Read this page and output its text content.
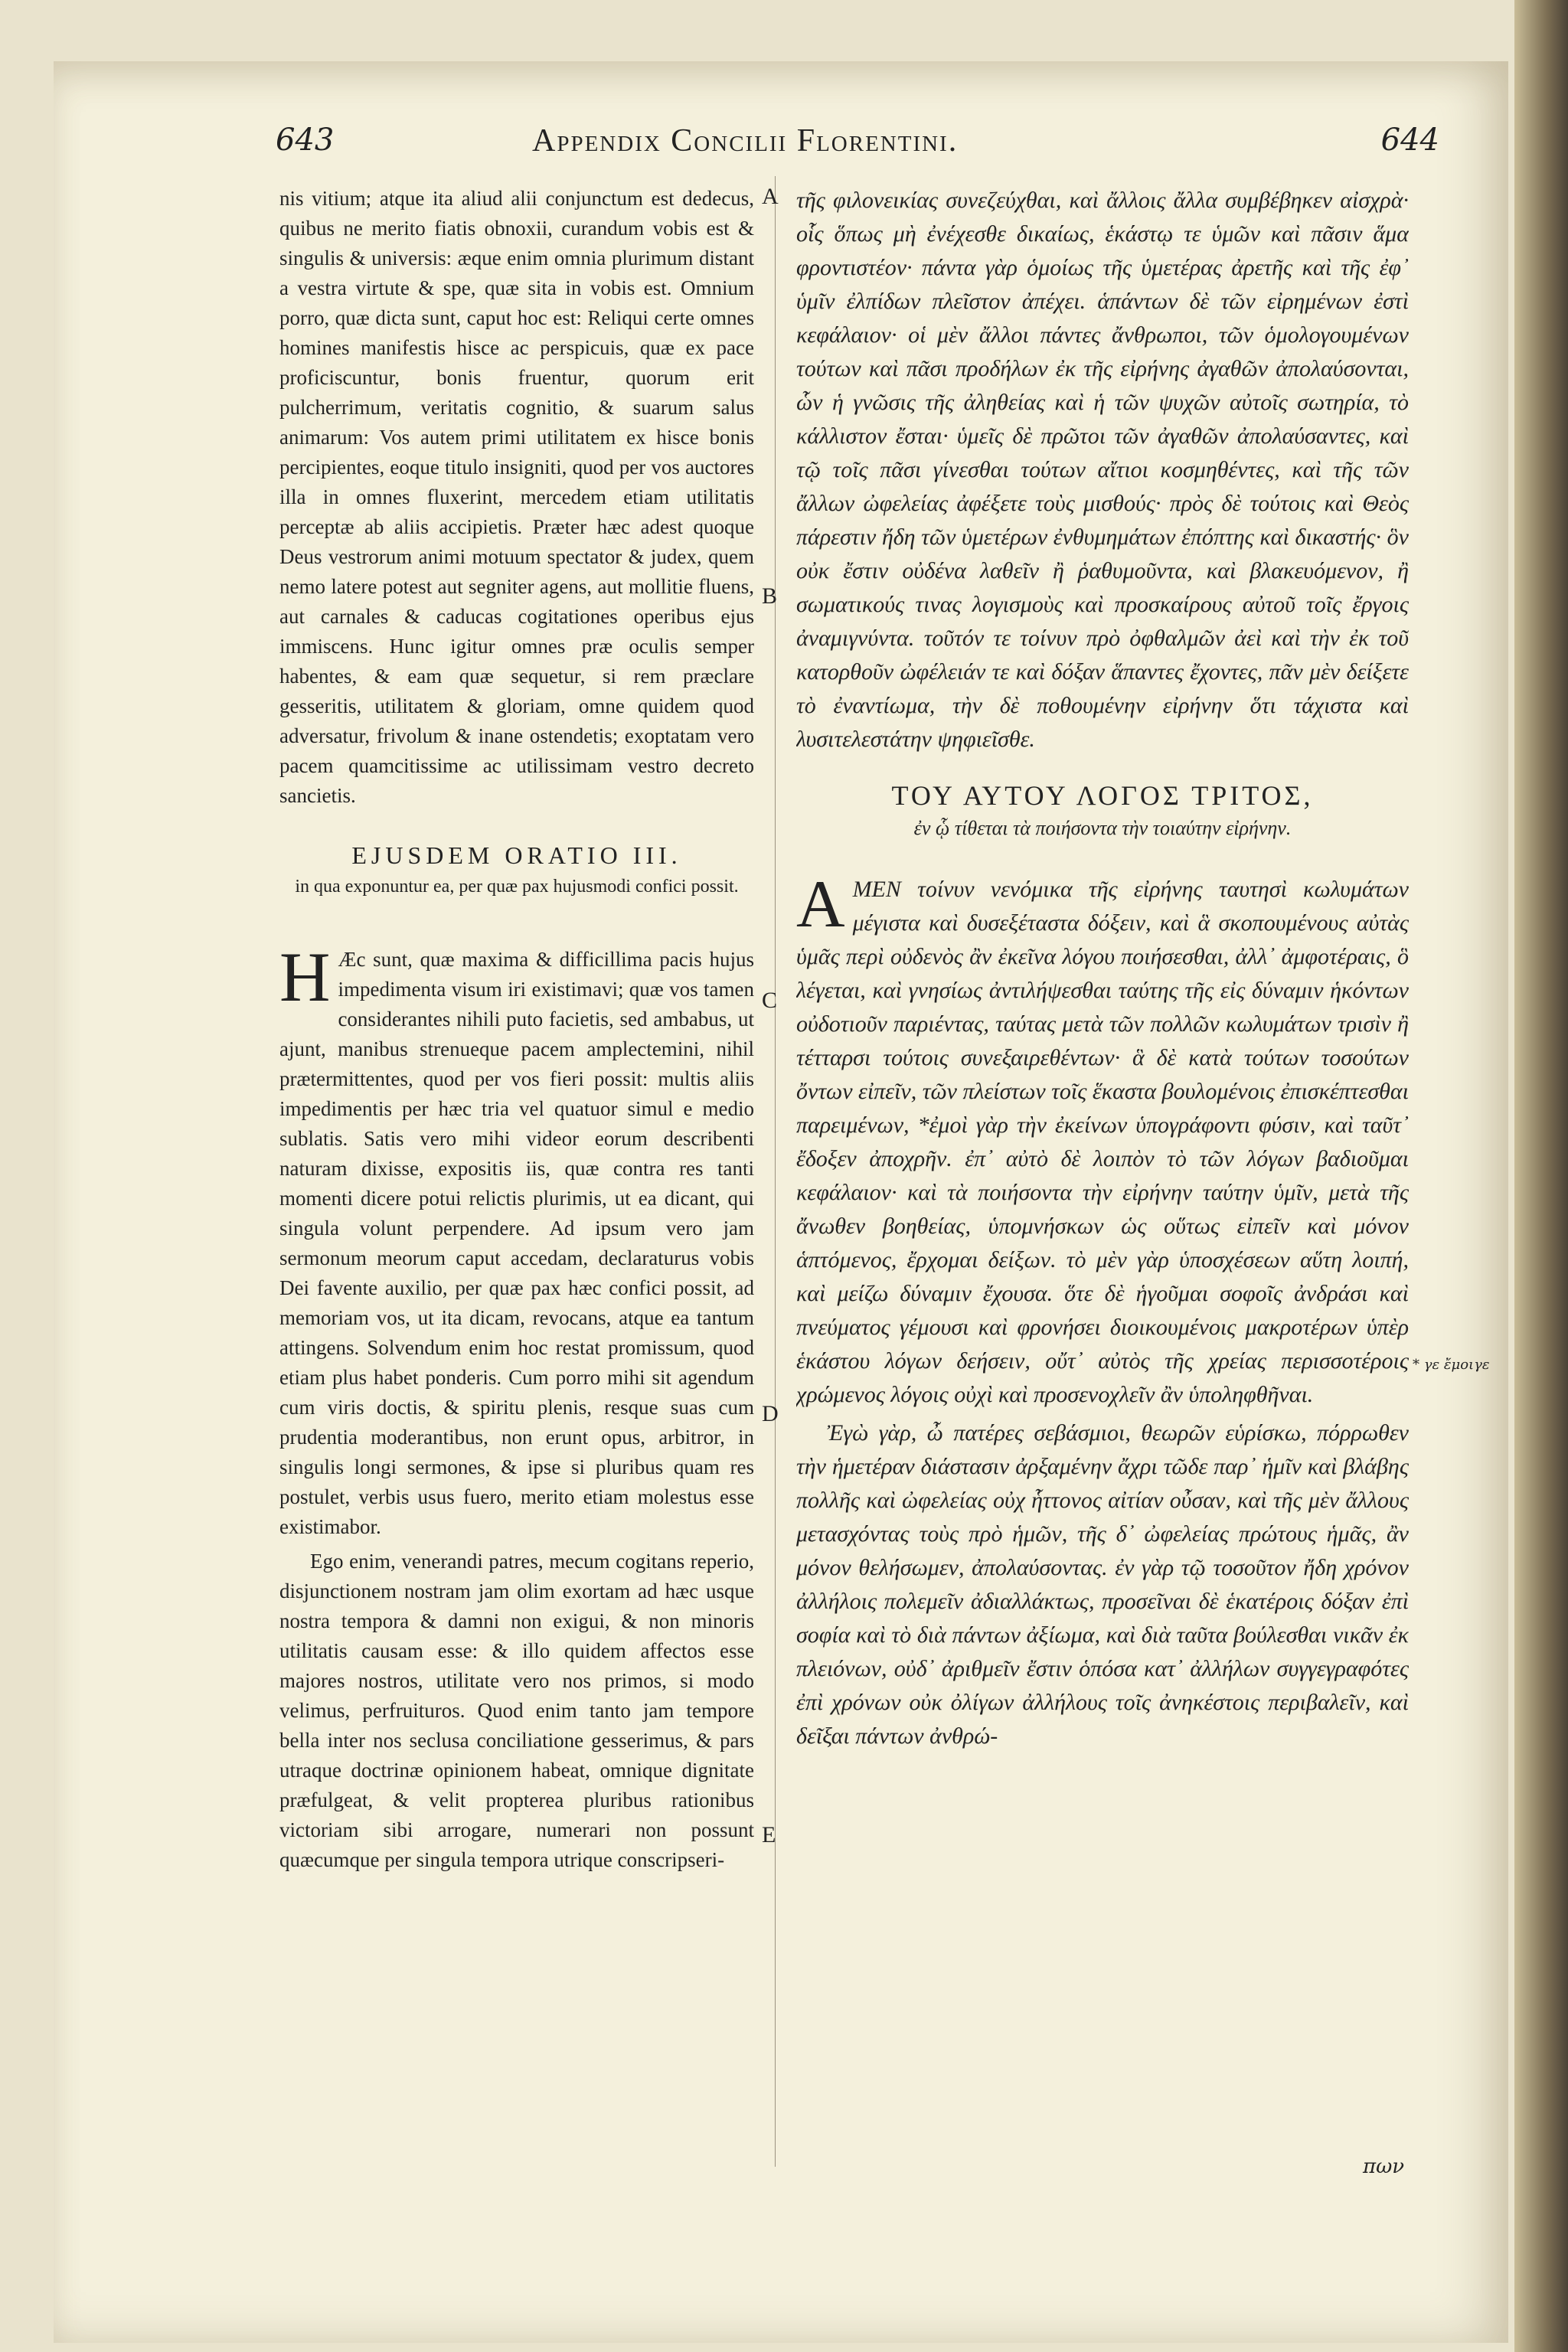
643	Appendix Concilii Florentini.	644
A
B
C
D
E

nis vitium; atque ita aliud alii conjunctum est dedecus, quibus ne merito fiatis obnoxii, curandum vobis est & singulis & universis: æque enim omnia plurimum distant a vestra virtute & spe, quæ sita in vobis est. Omnium porro, quæ dicta sunt, caput hoc est: Reliqui certe omnes homines manifestis hisce ac perspicuis, quæ ex pace proficiscuntur, bonis fruentur, quorum erit pulcherrimum, veritatis cognitio, & suarum salus animarum: Vos autem primi utilitatem ex hisce bonis percipientes, eoque titulo insigniti, quod per vos auctores illa in omnes fluxerint, mercedem etiam utilitatis perceptæ ab aliis accipietis. Præter hæc adest quoque Deus vestrorum animi motuum spectator & judex, quem nemo latere potest aut segniter agens, aut mollitie fluens, aut carnales & caducas cogitationes operibus ejus immiscens. Hunc igitur omnes præ oculis semper habentes, & eam quæ sequetur, si rem præclare gesseritis, utilitatem & gloriam, omne quidem quod adversatur, frivolum & inane ostendetis; exoptatam vero pacem quamcitissime ac utilissimam vestro decreto sancietis.

EJUSDEM ORATIO III.
in qua exponuntur ea, per quæ pax hujusmodi confici possit.

H Æc sunt, quæ maxima & difficillima pacis hujus impedimenta visum iri existimavi; quæ vos tamen considerantes nihili puto facietis, sed ambabus, ut ajunt, manibus strenueque pacem amplectemini, nihil prætermittentes, quod per vos fieri possit: multis aliis impedimentis per hæc tria vel quatuor simul e medio sublatis. Satis vero mihi videor eorum describenti naturam dixisse, expositis iis, quæ contra res tanti momenti dicere potui relictis plurimis, ut ea dicant, qui singula volunt perpendere. Ad ipsum vero jam sermonum meorum caput accedam, declaraturus vobis Dei favente auxilio, per quæ pax hæc confici possit, ad memoriam vos, ut ita dicam, revocans, atque ea tantum attingens. Solvendum enim hoc restat promissum, quod etiam plus habet ponderis. Cum porro mihi sit agendum cum viris doctis, & spiritu plenis, resque suas cum prudentia moderantibus, non erunt opus, arbitror, in singulis longi sermones, & ipse si pluribus quam res postulet, verbis usus fuero, merito etiam molestus esse existimabor.

Ego enim, venerandi patres, mecum cogitans reperio, disjunctionem nostram jam olim exortam ad hæc usque nostra tempora & damni non exigui, & non minoris utilitatis causam esse: & illo quidem affectos esse majores nostros, utilitate vero nos primos, si modo velimus, perfruituros. Quod enim tanto jam tempore bella inter nos seclusa conciliatione gesserimus, & pars utraque doctrinæ opinionem habeat, omnique dignitate præfulgeat, & velit propterea pluribus rationibus victoriam sibi arrogare, numerari non possunt quæcumque per singula tempora utrique conscripseri-

τῆς φιλονεικίας συνεζεύχθαι, καὶ ἄλλοις ἄλλα συμβέβηκεν αἰσχρὰ· οἷς ὅπως μὴ ἐνέχεσθε δικαίως, ἑκάστῳ τε ὑμῶν καὶ πᾶσιν ἅμα φροντιστέον· πάντα γὰρ ὁμοίως τῆς ὑμετέρας ἀρετῆς καὶ τῆς ἐφ᾽ ὑμῖν ἐλπίδων πλεῖστον ἀπέχει. ἁπάντων δὲ τῶν εἰρημένων ἐστὶ κεφάλαιον· οἱ μὲν ἄλλοι πάντες ἄνθρωποι, τῶν ὁμολογουμένων τούτων καὶ πᾶσι προδήλων ἐκ τῆς εἰρήνης ἀγαθῶν ἀπολαύσονται, ὧν ἡ γνῶσις τῆς ἀληθείας καὶ ἡ τῶν ψυχῶν αὐτοῖς σωτηρία, τὸ κάλλιστον ἔσται· ὑμεῖς δὲ πρῶτοι τῶν ἀγαθῶν ἀπολαύσαντες, καὶ τῷ τοῖς πᾶσι γίνεσθαι τούτων αἴτιοι κοσμηθέντες, καὶ τῆς τῶν ἄλλων ὠφελείας ἀφέξετε τοὺς μισθούς· πρὸς δὲ τούτοις καὶ Θεὸς πάρεστιν ἤδη τῶν ὑμετέρων ἐνθυμημάτων ἐπόπτης καὶ δικαστής· ὃν οὐκ ἔστιν οὐδένα λαθεῖν ἢ ῥαθυμοῦντα, καὶ βλακευόμενον, ἢ σωματικούς τινας λογισμοὺς καὶ προσκαίρους αὐτοῦ τοῖς ἔργοις ἀναμιγνύντα. τοῦτόν τε τοίνυν πρὸ ὀφθαλμῶν ἀεὶ καὶ τὴν ἐκ τοῦ κατορθοῦν ὠφέλειάν τε καὶ δόξαν ἅπαντες ἔχοντες, πᾶν μὲν δείξετε τὸ ἐναντίωμα, τὴν δὲ ποθουμένην εἰρήνην ὅτι τάχιστα καὶ λυσιτελεστάτην ψηφιεῖσθε.

ΤΟΥ ΑΥΤΟΥ ΛΟΓΟΣ ΤΡΙΤΟΣ,
ἐν ᾧ τίθεται τὰ ποιήσοντα τὴν τοιαύτην εἰρήνην.

ΑΜΕΝ τοίνυν νενόμικα τῆς εἰρήνης ταυτησὶ κωλυμάτων μέγιστα καὶ δυσεξέταστα δόξειν, καὶ ἃ σκοπουμένους αὐτὰς ὑμᾶς περὶ οὐδενὸς ἂν ἐκεῖνα λόγου ποιήσεσθαι, ἀλλ᾽ ἀμφοτέραις, ὃ λέγεται, καὶ γνησίως ἀντιλήψεσθαι ταύτης τῆς εἰς δύναμιν ἡκόντων οὐδοτιοῦν παριέντας, ταύτας μετὰ τῶν πολλῶν κωλυμάτων τρισὶν ἢ τέτταρσι τούτοις συνεξαιρεθέντων· ἃ δὲ κατὰ τούτων τοσούτων ὄντων εἰπεῖν, τῶν πλείστων τοῖς ἕκαστα βουλομένοις ἐπισκέπτεσθαι παρειμένων, *ἐμοὶ γὰρ τὴν ἐκείνων ὑπογράφοντι φύσιν, καὶ ταῦτ᾽ ἔδοξεν ἀποχρῆν. ἐπ᾽ αὐτὸ δὲ λοιπὸν τὸ τῶν λόγων βαδιοῦμαι κεφάλαιον· καὶ τὰ ποιήσοντα τὴν εἰρήνην ταύτην ὑμῖν, μετὰ τῆς ἄνωθεν βοηθείας, ὑπομνήσκων ὡς οὕτως εἰπεῖν καὶ μόνον ἁπτόμενος, ἔρχομαι δείξων. τὸ μὲν γὰρ ὑποσχέσεων αὕτη λοιπή, καὶ μείζω δύναμιν ἔχουσα. ὅτε δὲ ἡγοῦμαι σοφοῖς ἀνδράσι καὶ πνεύματος γέμουσι καὶ φρονήσει διοικουμένοις μακροτέρων ὑπὲρ ἑκάστου λόγων δεήσειν, οὔτ᾽ αὐτὸς τῆς χρείας περισσοτέροις χρώμενος λόγοις οὐχὶ καὶ προσενοχλεῖν ἂν ὑποληφθῆναι.

Ἐγὼ γὰρ, ὦ πατέρες σεβάσμιοι, θεωρῶν εὑρίσκω, πόρρωθεν τὴν ἡμετέραν διάστασιν ἀρξαμένην ἄχρι τῶδε παρ᾽ ἡμῖν καὶ βλάβης πολλῆς καὶ ὠφελείας οὐχ ἧττονος αἰτίαν οὖσαν, καὶ τῆς μὲν ἄλλους μετασχόντας τοὺς πρὸ ἡμῶν, τῆς δ᾽ ὠφελείας πρώτους ἡμᾶς, ἂν μόνον θελήσωμεν, ἀπολαύσοντας. ἐν γὰρ τῷ τοσοῦτον ἤδη χρόνον ἀλλήλοις πολεμεῖν ἀδιαλλάκτως, προσεῖναι δὲ ἑκατέροις δόξαν ἐπὶ σοφία καὶ τὸ διὰ πάντων ἀξίωμα, καὶ διὰ ταῦτα βούλεσθαι νικᾶν ἐκ πλειόνων, οὐδ᾽ ἀριθμεῖν ἔστιν ὁπόσα κατ᾽ ἀλλήλων συγγεγραφότες ἐπὶ χρόνων οὐκ ὀλίγων ἀλλήλους τοῖς ἀνηκέστοις περιβαλεῖν, καὶ δεῖξαι πάντων ἀνθρώ-

* γε ἔμοιγε
πων
